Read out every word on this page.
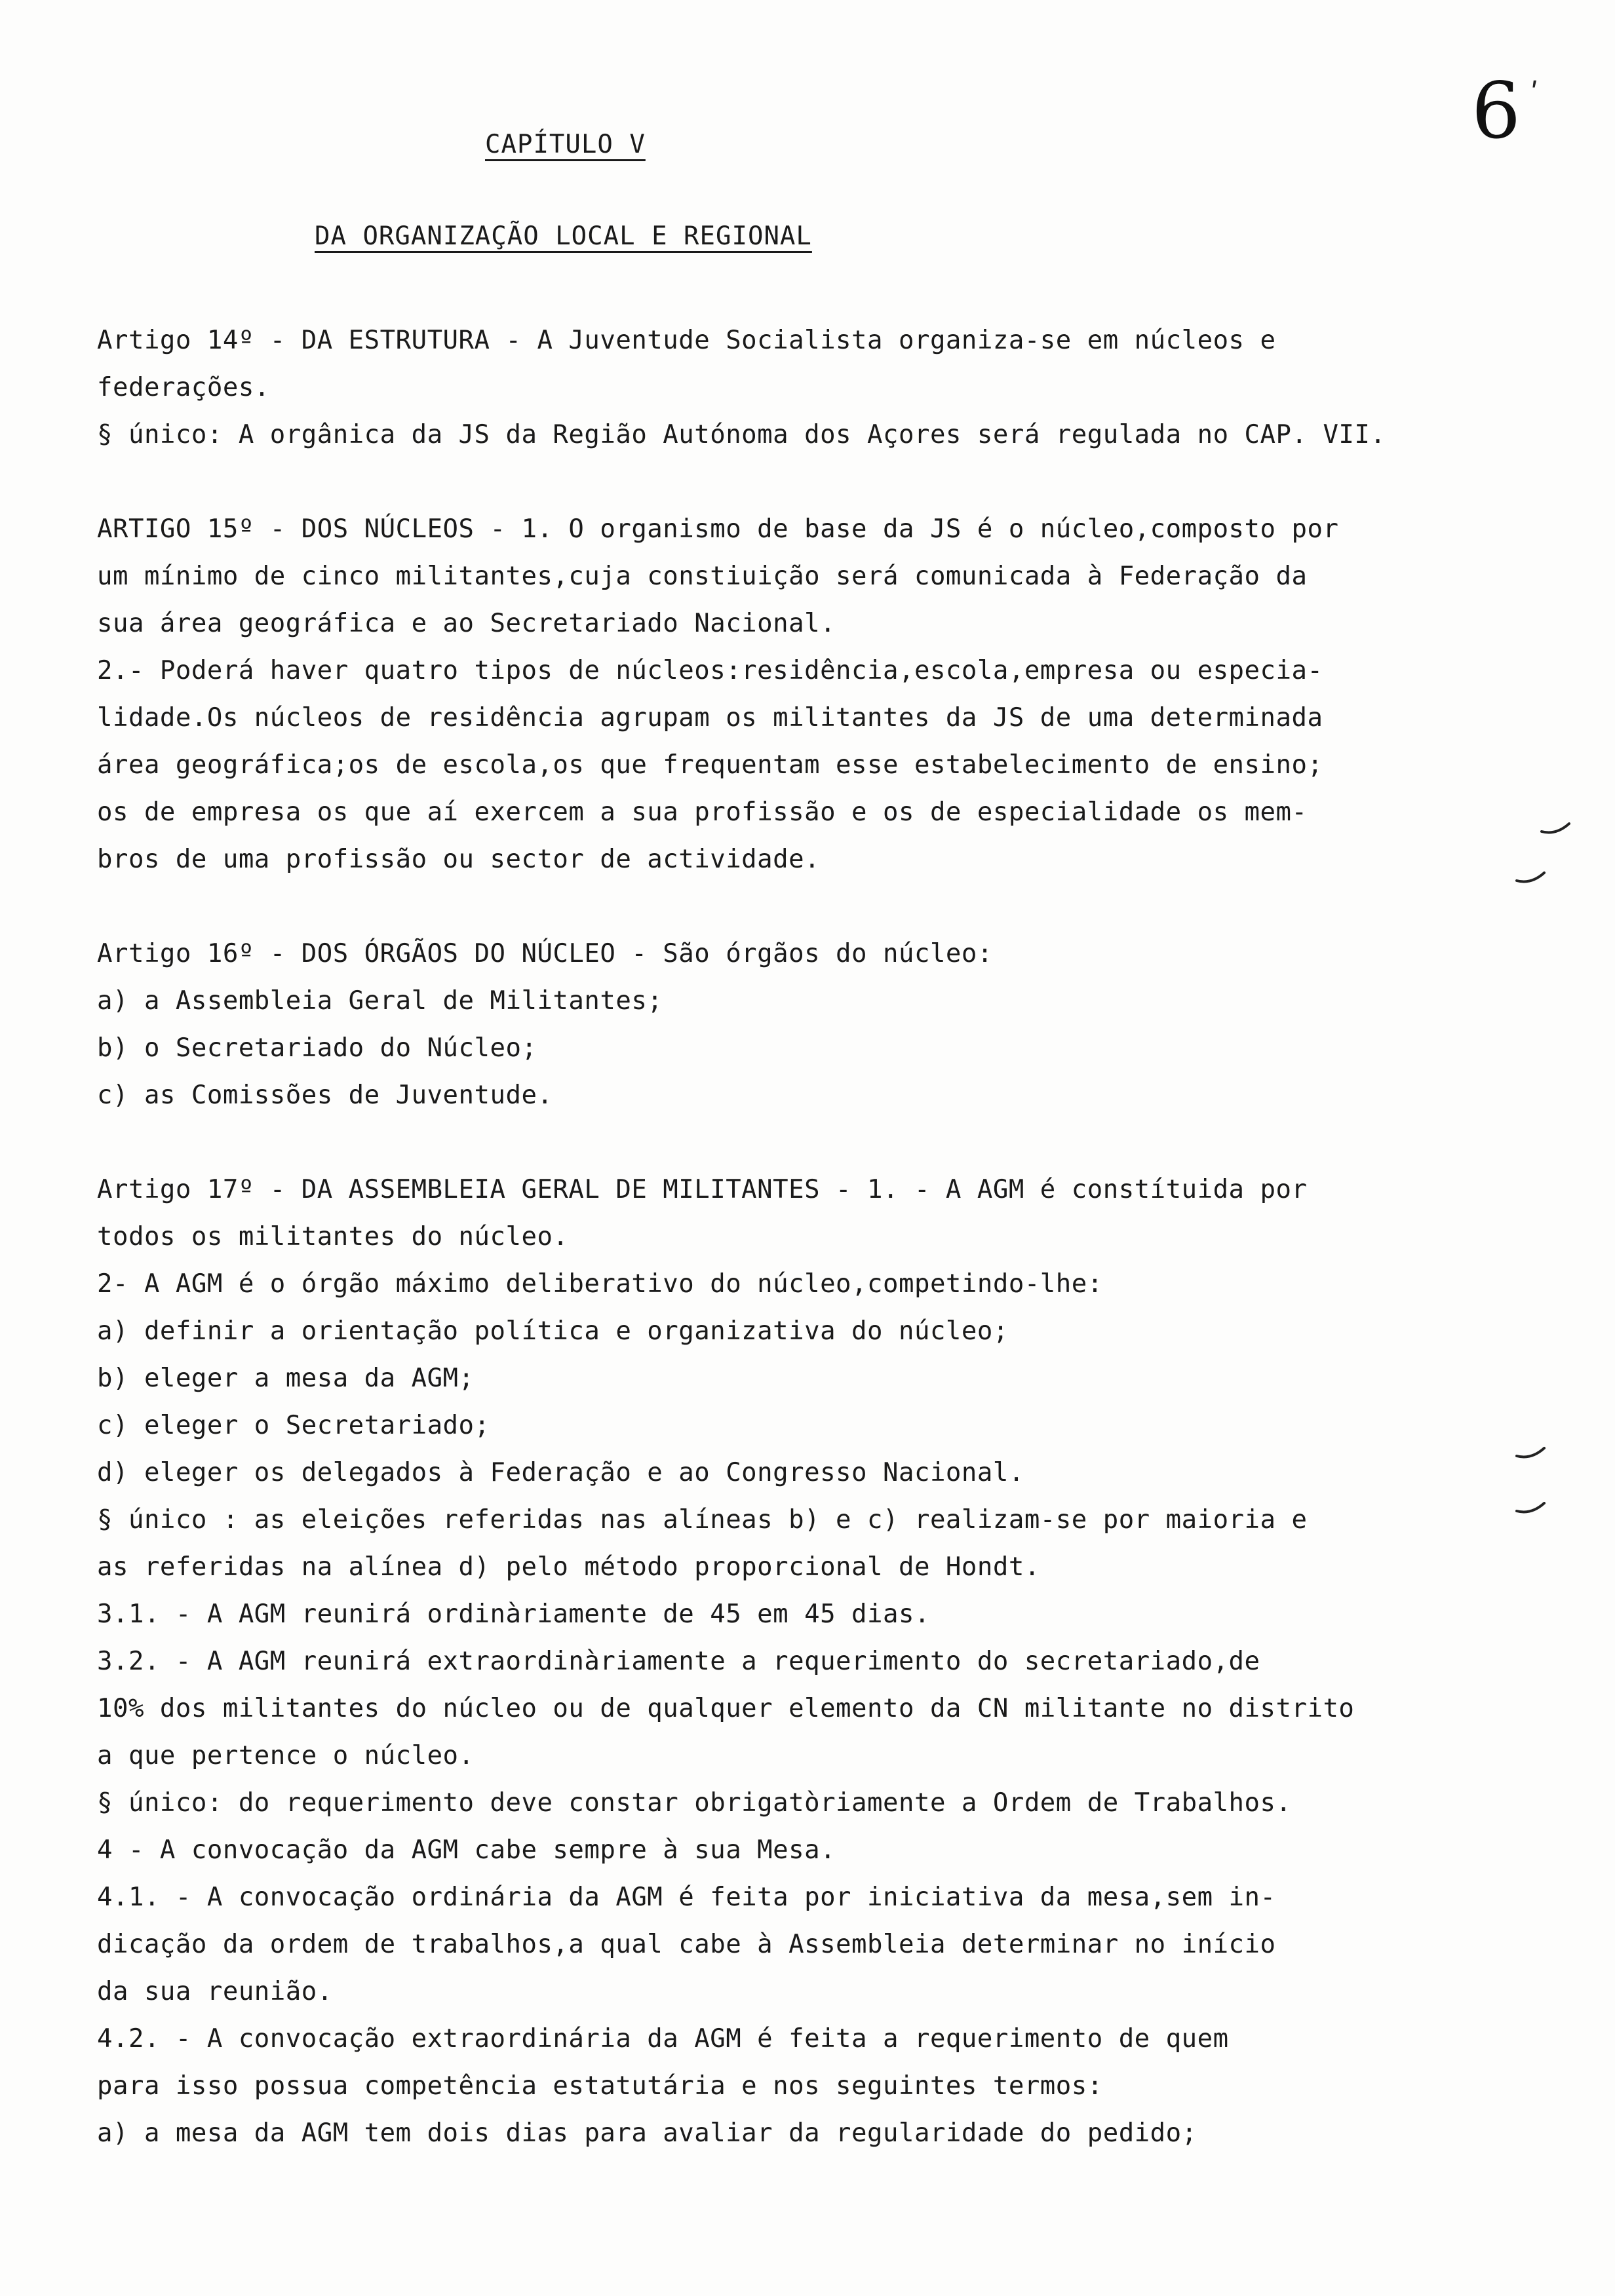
6 ʹ
CAPÍTULO V
DA ORGANIZAÇÃO LOCAL E REGIONAL
Artigo 14º - DA ESTRUTURA - A Juventude Socialista organiza-se em núcleos e
federações.
§ único: A orgânica da JS da Região Autónoma dos Açores será regulada no CAP. VII.
ARTIGO 15º - DOS NÚCLEOS - 1. O organismo de base da JS é o núcleo,composto por
um mínimo de cinco militantes,cuja constiuição será comunicada à Federação da
sua área geográfica e ao Secretariado Nacional.
2.- Poderá haver quatro tipos de núcleos:residência,escola,empresa ou especia-
lidade.Os núcleos de residência agrupam os militantes da JS de uma determinada
área geográfica;os de escola,os que frequentam esse estabelecimento de ensino;
os de empresa os que aí exercem a sua profissão e os de especialidade os mem-
bros de uma profissão ou sector de actividade.
Artigo 16º - DOS ÓRGÃOS DO NÚCLEO - São órgãos do núcleo:
a) a Assembleia Geral de Militantes;
b) o Secretariado do Núcleo;
c) as Comissões de Juventude.
Artigo 17º - DA ASSEMBLEIA GERAL DE MILITANTES - 1. - A AGM é constítuida por
todos os militantes do núcleo.
2- A AGM é o órgão máximo deliberativo do núcleo,competindo-lhe:
a) definir a orientação política e organizativa do núcleo;
b) eleger a mesa da AGM;
c) eleger o Secretariado;
d) eleger os delegados à Federação e ao Congresso Nacional.
§ único : as eleições referidas nas alíneas b) e c) realizam-se por maioria e
as referidas na alínea d) pelo método proporcional de Hondt.
3.1. - A AGM reunirá ordinàriamente de 45 em 45 dias.
3.2. - A AGM reunirá extraordinàriamente a requerimento do secretariado,de
10% dos militantes do núcleo ou de qualquer elemento da CN militante no distrito
a que pertence o núcleo.
§ único: do requerimento deve constar obrigatòriamente a Ordem de Trabalhos.
4 - A convocação da AGM cabe sempre à sua Mesa.
4.1. - A convocação ordinária da AGM é feita por iniciativa da mesa,sem in-
dicação da ordem de trabalhos,a qual cabe à Assembleia determinar no início
da sua reunião.
4.2. - A convocação extraordinária da AGM é feita a requerimento de quem
para isso possua competência estatutária e nos seguintes termos:
a) a mesa da AGM tem dois dias para avaliar da regularidade do pedido;
